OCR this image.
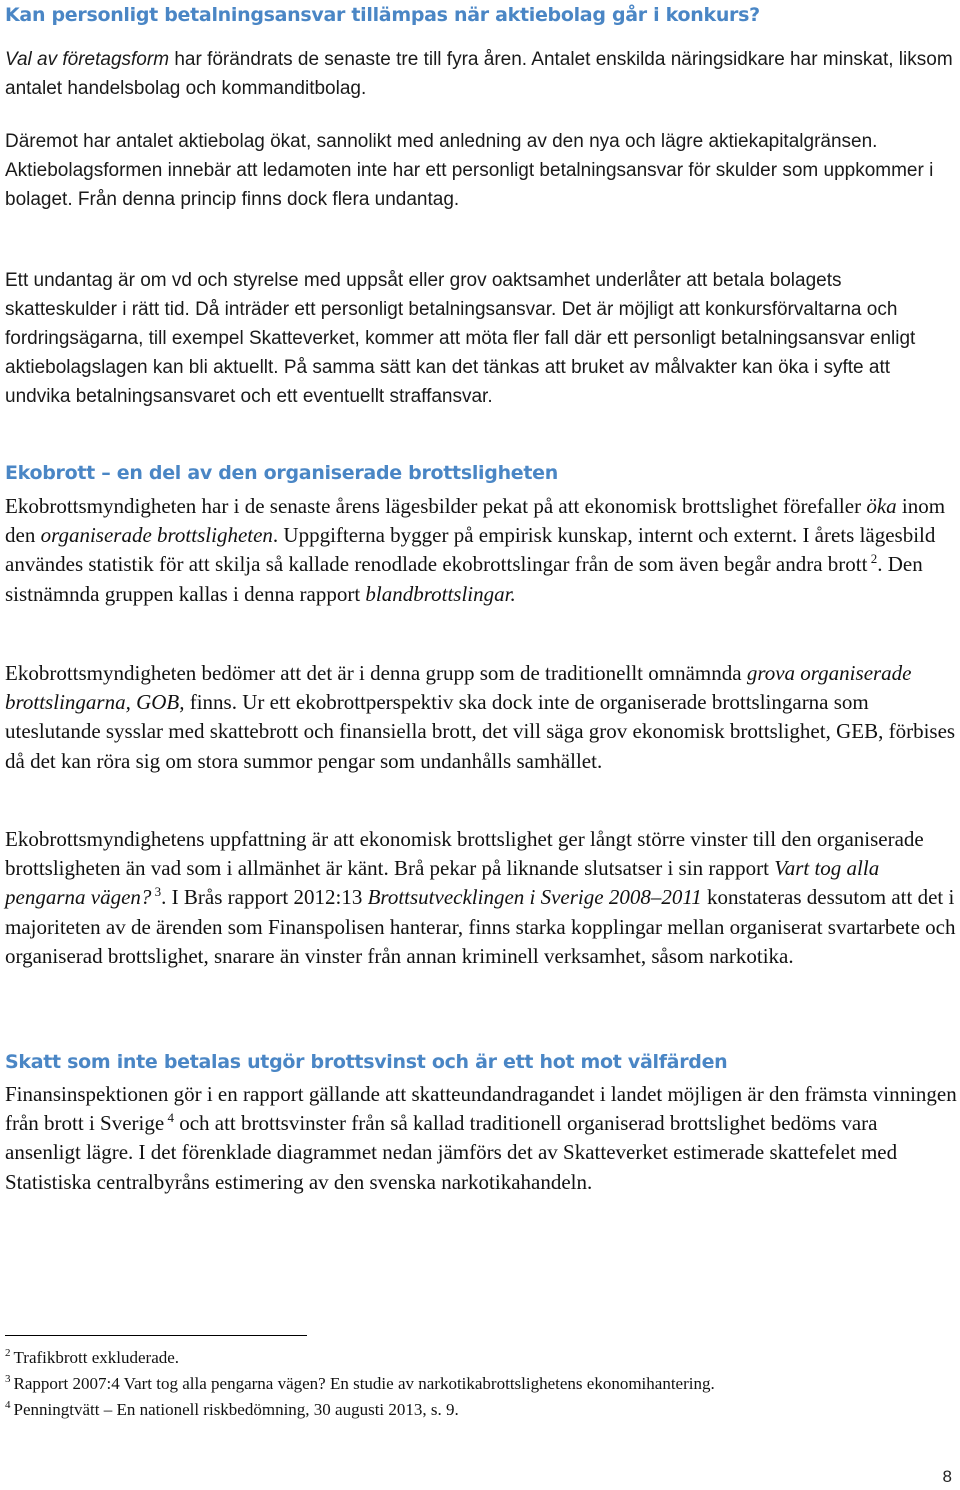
Kan personligt betalningsansvar tillämpas när aktiebolag går i konkurs?

Val av företagsform har förändrats de senaste tre till fyra åren. Antalet enskilda näringsidkare har minskat, liksom antalet handelsbolag och kommanditbolag.

Däremot har antalet aktiebolag ökat, sannolikt med anledning av den nya och lägre aktiekapitalgränsen. Aktiebolagsformen innebär att ledamoten inte har ett personligt betalningsansvar för skulder som uppkommer i bolaget. Från denna princip finns dock flera undantag.

Ett undantag är om vd och styrelse med uppsåt eller grov oaktsamhet underlåter att betala bolagets skatteskulder i rätt tid. Då inträder ett personligt betalningsansvar. Det är möjligt att konkursförvaltarna och fordringsägarna, till exempel Skatteverket, kommer att möta fler fall där ett personligt betalningsansvar enligt aktiebolagslagen kan bli aktuellt. På samma sätt kan det tänkas att bruket av målvakter kan öka i syfte att undvika betalningsansvaret och ett eventuellt straffansvar.

Ekobrott – en del av den organiserade brottsligheten

Ekobrottsmyndigheten har i de senaste årens lägesbilder pekat på att ekonomisk brottslighet förefaller öka inom den organiserade brottsligheten. Uppgifterna bygger på empirisk kunskap, internt och externt. I årets lägesbild användes statistik för att skilja så kallade renodlade ekobrottslingar från de som även begår andra brott $^2$. Den sistnämnda gruppen kallas i denna rapport blandbrottslingar.

Ekobrottsmyndigheten bedömer att det är i denna grupp som de traditionellt omnämnda grova organiserade brottslingarna, GOB, finns. Ur ett ekobrottperspektiv ska dock inte de organiserade brottslingarna som uteslutande sysslar med skattebrott och finansiella brott, det vill säga grov ekonomisk brottslighet, GEB, förbises då det kan röra sig om stora summor pengar som undanhålls samhället.

Ekobrottsmyndighetens uppfattning är att ekonomisk brottslighet ger långt större vinster till den organiserade brottsligheten än vad som i allmänhet är känt. Brå pekar på liknande slutsatser i sin rapport Vart tog alla pengarna vägen? $^3$. I Brås rapport 2012:13 Brottsutvecklingen i Sverige 2008–2011 konstateras dessutom att det i majoriteten av de ärenden som Finanspolisen hanterar, finns starka kopplingar mellan organiserat svartarbete och organiserad brottslighet, snarare än vinster från annan kriminell verksamhet, såsom narkotika.

Skatt som inte betalas utgör brottsvinst och är ett hot mot välfärden

Finansinspektionen gör i en rapport gällande att skatteundandragandet i landet möjligen är den främsta vinningen från brott i Sverige $^4$ och att brottsvinster från så kallad traditionell organiserad brottslighet bedöms vara ansenligt lägre. I det förenklade diagrammet nedan jämförs det av Skatteverket estimerade skattefelet med Statistiska centralbyråns estimering av den svenska narkotikahandeln.

$^2$ Trafikbrott exkluderade.

$^3$ Rapport 2007:4 Vart tog alla pengarna vägen? En studie av narkotikabrottslighetens ekonomihantering.

$^4$ Penningtvätt – En nationell riskbedömning, 30 augusti 2013, s. 9.

8
